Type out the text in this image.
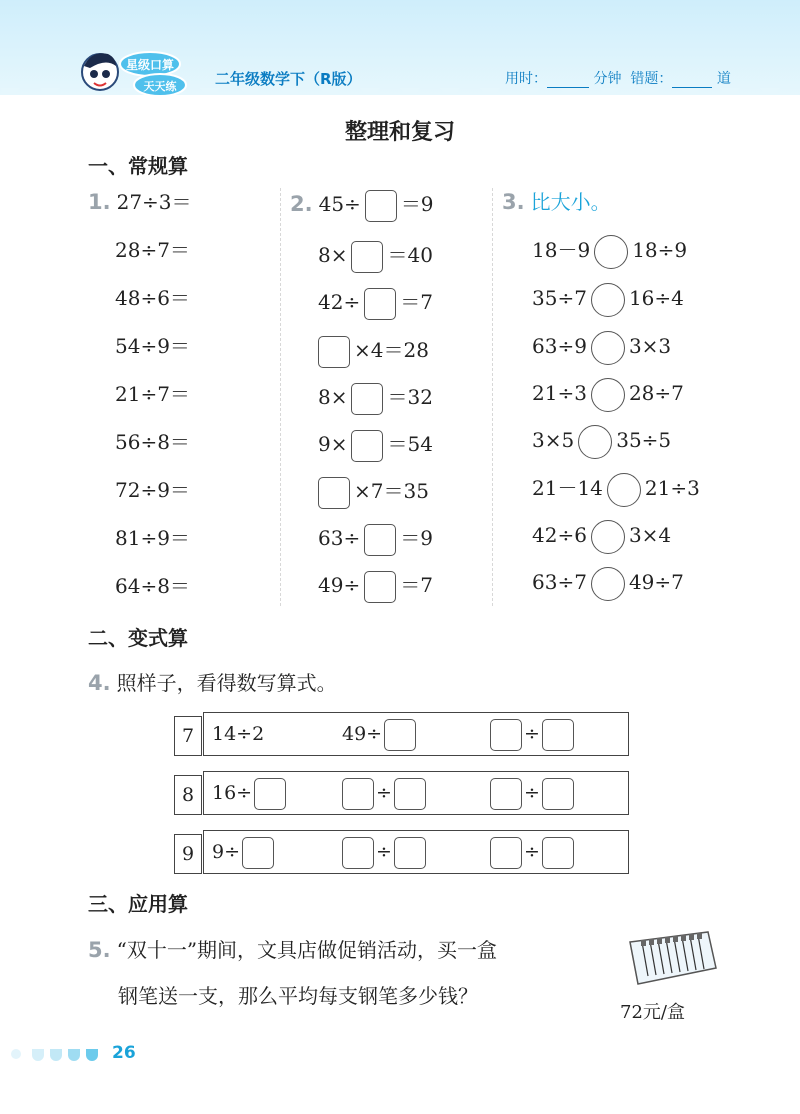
星级口算
天天练	二年级数学下（R版）	用时：	分钟 错题：	道
整理和复习
一、常规算
1. 27÷3＝
28÷7＝
48÷6＝
54÷9＝
21÷7＝
56÷8＝
72÷9＝
81÷9＝
64÷8＝
2. 45÷ ＝9
8× ＝40
42÷ ＝7
×4＝28
8× ＝32
9× ＝54
×7＝35
63÷ ＝9
49÷ ＝7
3. 比大小。
18－9 18÷9
35÷7 16÷4
63÷9 3×3
21÷3 28÷7
3×5 35÷5
21－14 21÷3
42÷6 3×4
63÷7 49÷7
二、变式算
4. 照样子，看得数写算式。
7 14÷2	49÷	÷
8 16÷	÷	÷
9 9÷	÷	÷
三、应用算
5. “双十一”期间，文具店做促销活动，买一盒
钢笔送一支，那么平均每支钢笔多少钱？
72元/盒
26
